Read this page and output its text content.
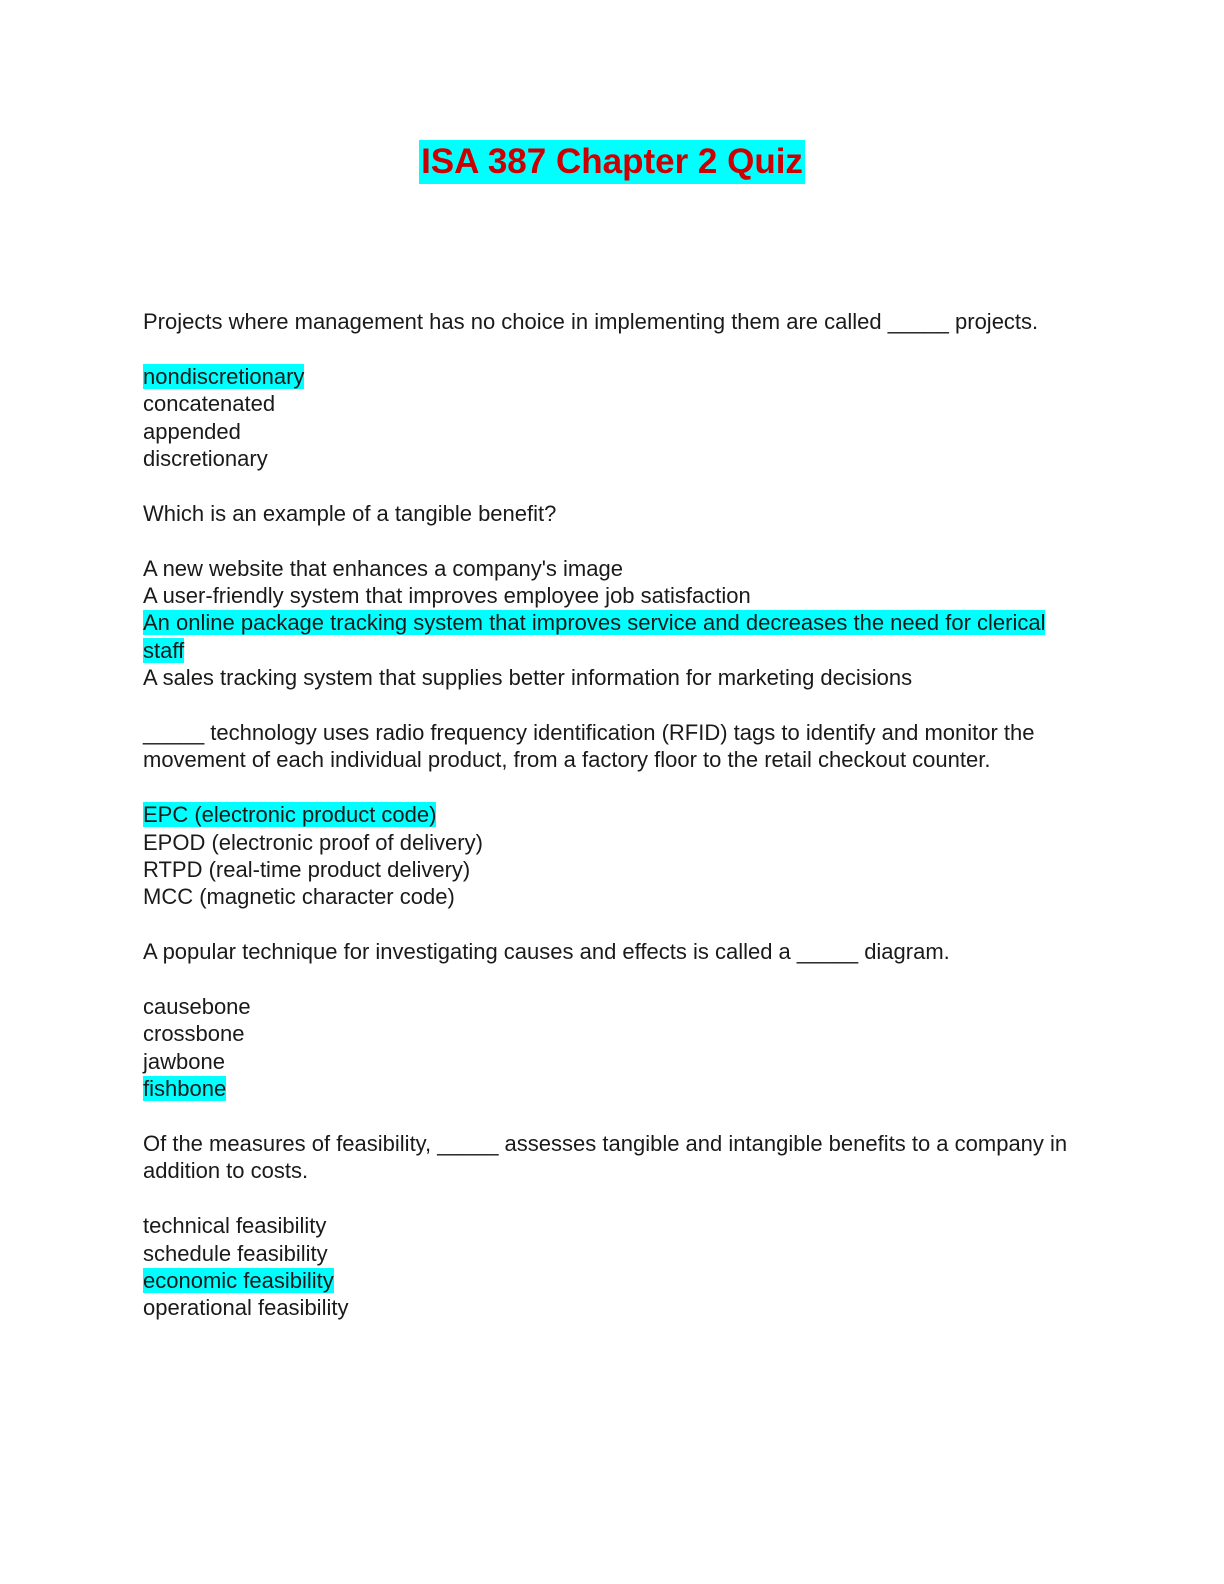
ISA 387 Chapter 2 Quiz

Projects where management has no choice in implementing them are called _____ projects.

nondiscretionary
concatenated
appended
discretionary

Which is an example of a tangible benefit?

A new website that enhances a company's image
A user-friendly system that improves employee job satisfaction
An online package tracking system that improves service and decreases the need for clerical staff
A sales tracking system that supplies better information for marketing decisions

_____ technology uses radio frequency identification (RFID) tags to identify and monitor the movement of each individual product, from a factory floor to the retail checkout counter.

EPC (electronic product code)
EPOD (electronic proof of delivery)
RTPD (real-time product delivery)
MCC (magnetic character code)

A popular technique for investigating causes and effects is called a _____ diagram.

causebone
crossbone
jawbone
fishbone

Of the measures of feasibility, _____ assesses tangible and intangible benefits to a company in addition to costs.

technical feasibility
schedule feasibility
economic feasibility
operational feasibility
